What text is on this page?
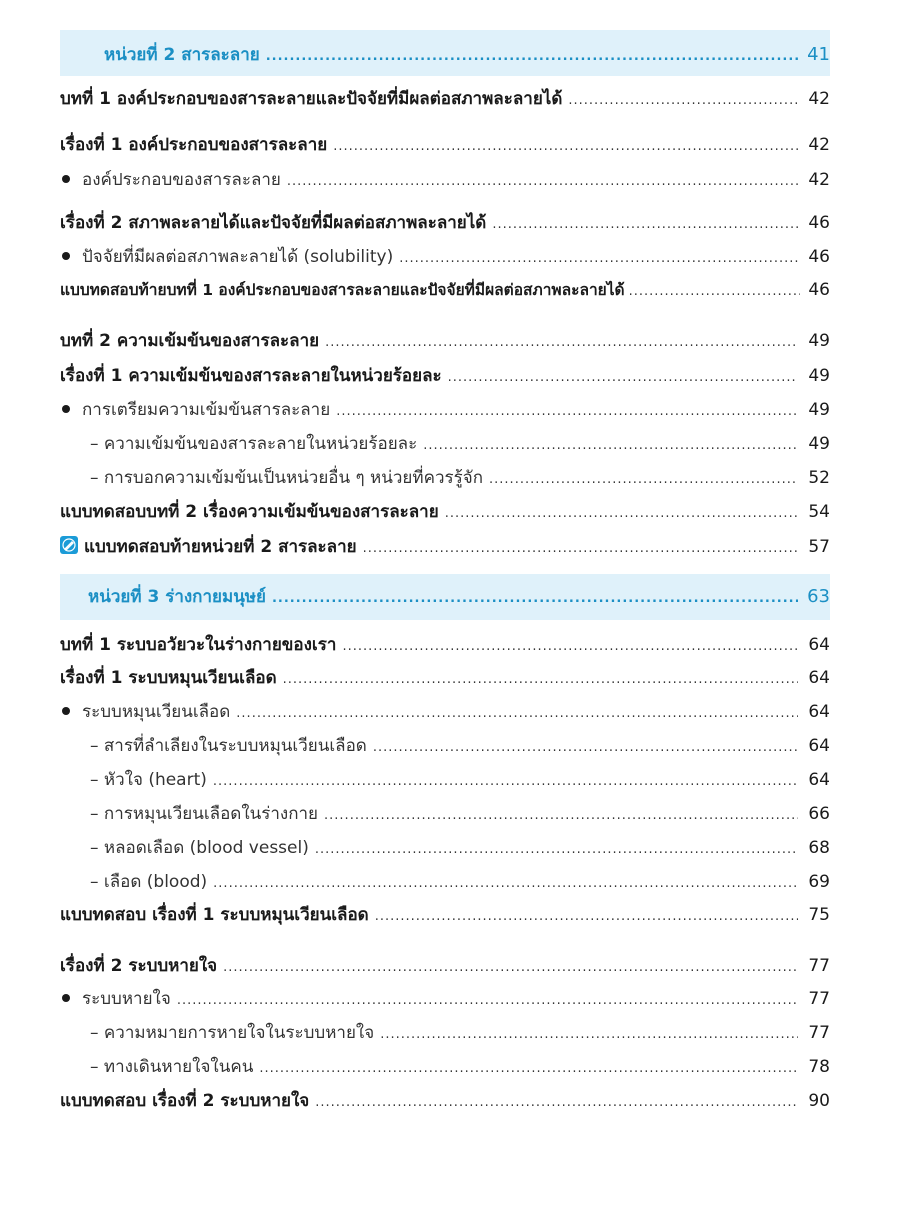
หน่วยที่ 2 สารละลาย .....	41
บทที่ 1 องค์ประกอบของสารละลายและปัจจัยที่มีผลต่อสภาพละลายได้ .....	42
เรื่องที่ 1 องค์ประกอบของสารละลาย .....	42
องค์ประกอบของสารละลาย .....	42
เรื่องที่ 2 สภาพละลายได้และปัจจัยที่มีผลต่อสภาพละลายได้ .....	46
ปัจจัยที่มีผลต่อสภาพละลายได้ (solubility) .....	46
แบบทดสอบท้ายบทที่ 1 องค์ประกอบของสารละลายและปัจจัยที่มีผลต่อสภาพละลายได้ .....	46
บทที่ 2 ความเข้มข้นของสารละลาย .....	49
เรื่องที่ 1 ความเข้มข้นของสารละลายในหน่วยร้อยละ .....	49
การเตรียมความเข้มข้นสารละลาย .....	49
– ความเข้มข้นของสารละลายในหน่วยร้อยละ .....	49
– การบอกความเข้มข้นเป็นหน่วยอื่น ๆ หน่วยที่ควรรู้จัก .....	52
แบบทดสอบบทที่ 2 เรื่องความเข้มข้นของสารละลาย .....	54
แบบทดสอบท้ายหน่วยที่ 2 สารละลาย .....	57
หน่วยที่ 3 ร่างกายมนุษย์ .....	63
บทที่ 1 ระบบอวัยวะในร่างกายของเรา .....	64
เรื่องที่ 1 ระบบหมุนเวียนเลือด .....	64
ระบบหมุนเวียนเลือด .....	64
– สารที่ลำเลียงในระบบหมุนเวียนเลือด .....	64
– หัวใจ (heart) .....	64
– การหมุนเวียนเลือดในร่างกาย .....	66
– หลอดเลือด (blood vessel) .....	68
– เลือด (blood) .....	69
แบบทดสอบ เรื่องที่ 1 ระบบหมุนเวียนเลือด .....	75
เรื่องที่ 2 ระบบหายใจ .....	77
ระบบหายใจ .....	77
– ความหมายการหายใจในระบบหายใจ .....	77
– ทางเดินหายใจในคน .....	78
แบบทดสอบ เรื่องที่ 2 ระบบหายใจ .....	90
